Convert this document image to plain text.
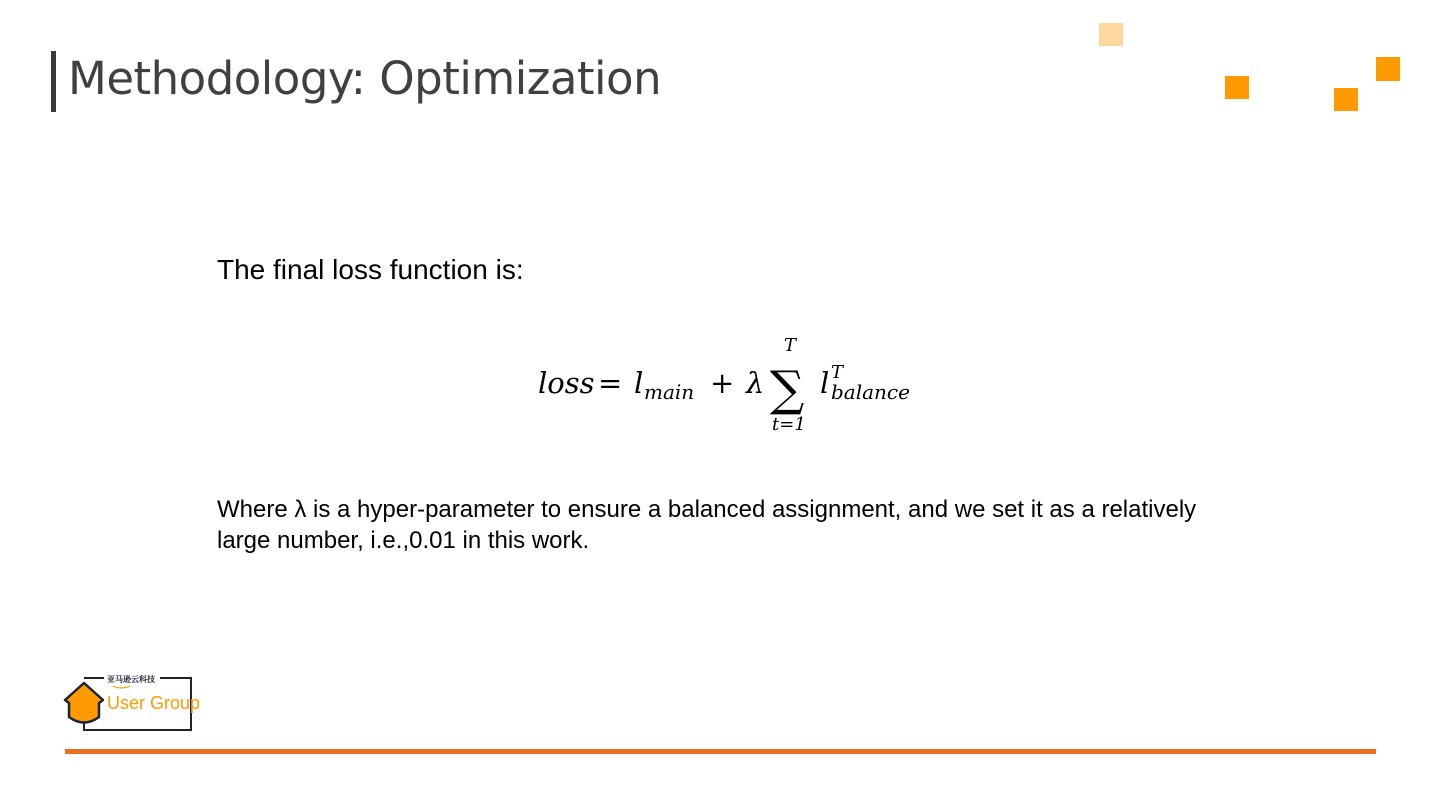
Methodology: Optimization
The final loss function is:
loss = l main + λ ∑
T
t=1
l T
balance
Where λ is a hyper-parameter to ensure a balanced assignment, and we set it as a relatively large number, i.e.,0.01 in this work.
亚马逊云科技
User Group
